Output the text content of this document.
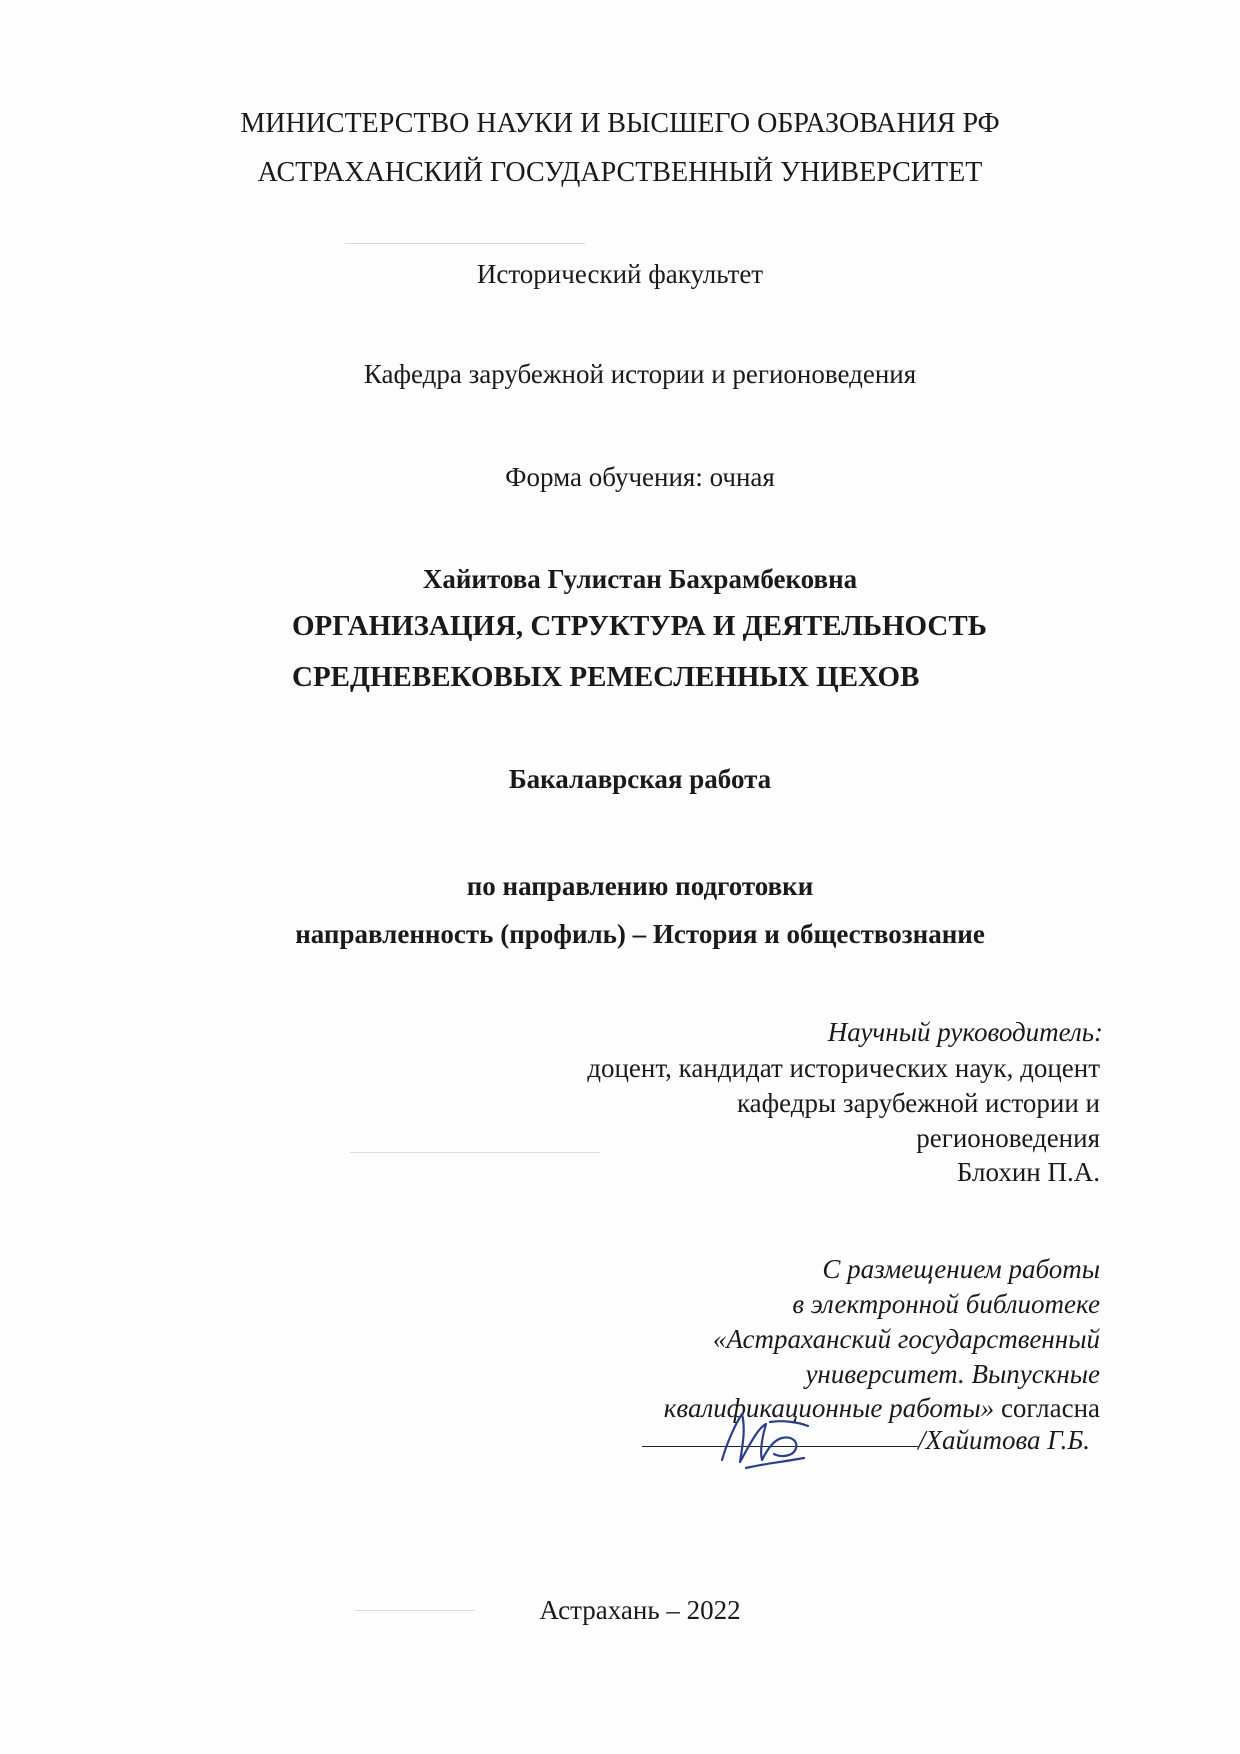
МИНИСТЕРСТВО НАУКИ И ВЫСШЕГО ОБРАЗОВАНИЯ РФ
АСТРАХАНСКИЙ ГОСУДАРСТВЕННЫЙ УНИВЕРСИТЕТ
Исторический факультет
Кафедра зарубежной истории и регионоведения
Форма обучения: очная
Хайитова Гулистан Бахрамбековна
ОРГАНИЗАЦИЯ, СТРУКТУРА И ДЕЯТЕЛЬНОСТЬ
СРЕДНЕВЕКОВЫХ РЕМЕСЛЕННЫХ ЦЕХОВ
Бакалаврская работа
по направлению подготовки
направленность (профиль) – История и обществознание
Научный руководитель:
доцент, кандидат исторических наук, доцент
кафедры зарубежной истории и
регионоведения
Блохин П.А.
С размещением работы
в электронной библиотеке
«Астраханский государственный
университет. Выпускные
квалификационные работы» согласна
/Хайитова Г.Б.
Астрахань – 2022
